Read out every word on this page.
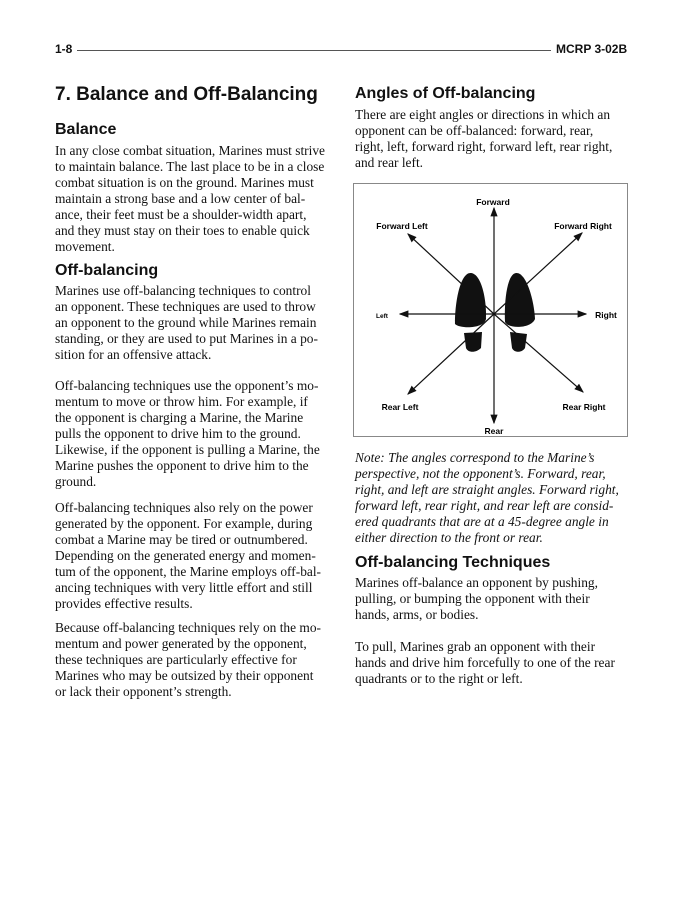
1-8	MCRP 3-02B
7. Balance and Off-Balancing
Balance
In any close combat situation, Marines must strive
to maintain balance. The last place to be in a close
combat situation is on the ground. Marines must
maintain a strong base and a low center of bal-
ance, their feet must be a shoulder-width apart,
and they must stay on their toes to enable quick
movement.
Off-balancing
Marines use off-balancing techniques to control
an opponent. These techniques are used to throw
an opponent to the ground while Marines remain
standing, or they are used to put Marines in a po-
sition for an offensive attack.
Off-balancing techniques use the opponent’s mo-
mentum to move or throw him. For example, if
the opponent is charging a Marine, the Marine
pulls the opponent to drive him to the ground.
Likewise, if the opponent is pulling a Marine, the
Marine pushes the opponent to drive him to the
ground.
Off-balancing techniques also rely on the power
generated by the opponent. For example, during
combat a Marine may be tired or outnumbered.
Depending on the generated energy and momen-
tum of the opponent, the Marine employs off-bal-
ancing techniques with very little effort and still
provides effective results.
Because off-balancing techniques rely on the mo-
mentum and power generated by the opponent,
these techniques are particularly effective for
Marines who may be outsized by their opponent
or lack their opponent’s strength.
Angles of Off-balancing
There are eight angles or directions in which an
opponent can be off-balanced: forward, rear,
right, left, forward right, forward left, rear right,
and rear left.
Forward
Forward Left	Forward Right
Left	Right
Rear Left	Rear Right
Rear
Note: The angles correspond to the Marine’s
perspective, not the opponent’s. Forward, rear,
right, and left are straight angles. Forward right,
forward left, rear right, and rear left are consid-
ered quadrants that are at a 45-degree angle in
either direction to the front or rear.
Off-balancing Techniques
Marines off-balance an opponent by pushing,
pulling, or bumping the opponent with their
hands, arms, or bodies.
To pull, Marines grab an opponent with their
hands and drive him forcefully to one of the rear
quadrants or to the right or left.
